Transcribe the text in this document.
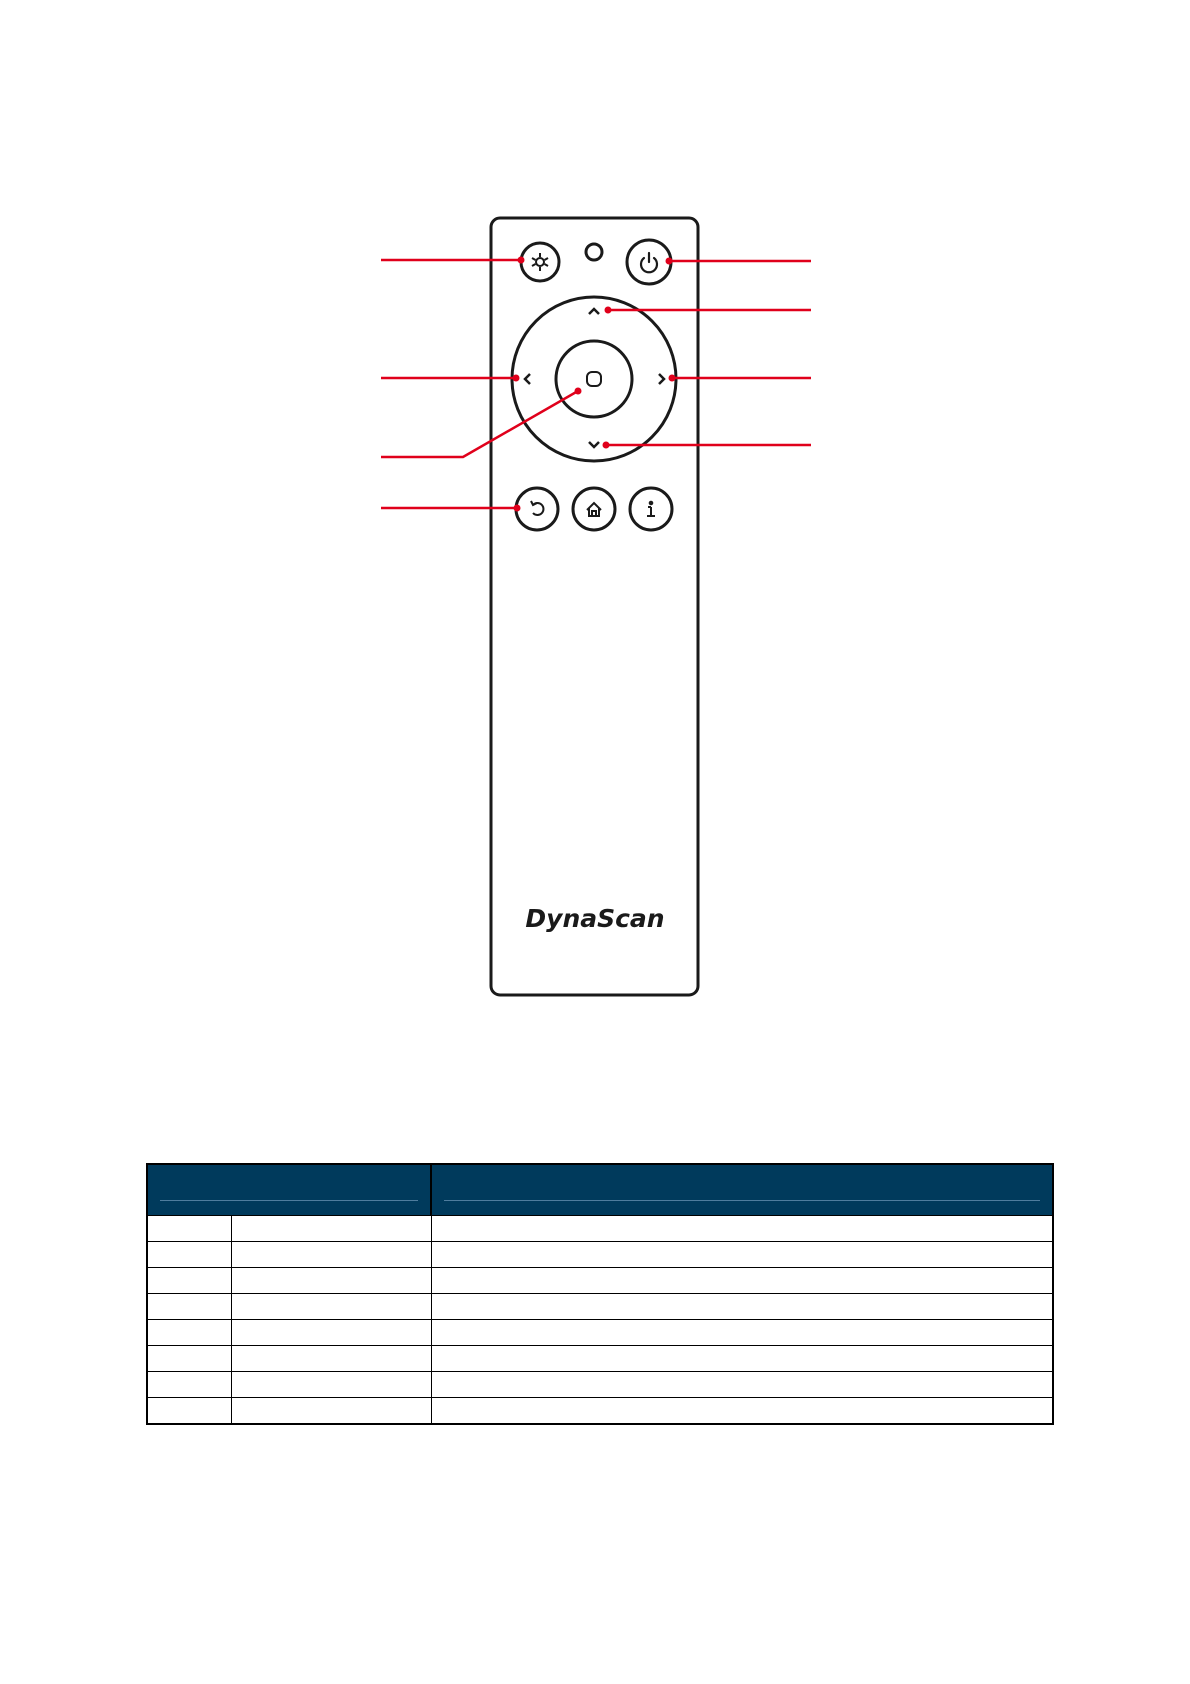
DynaScan
